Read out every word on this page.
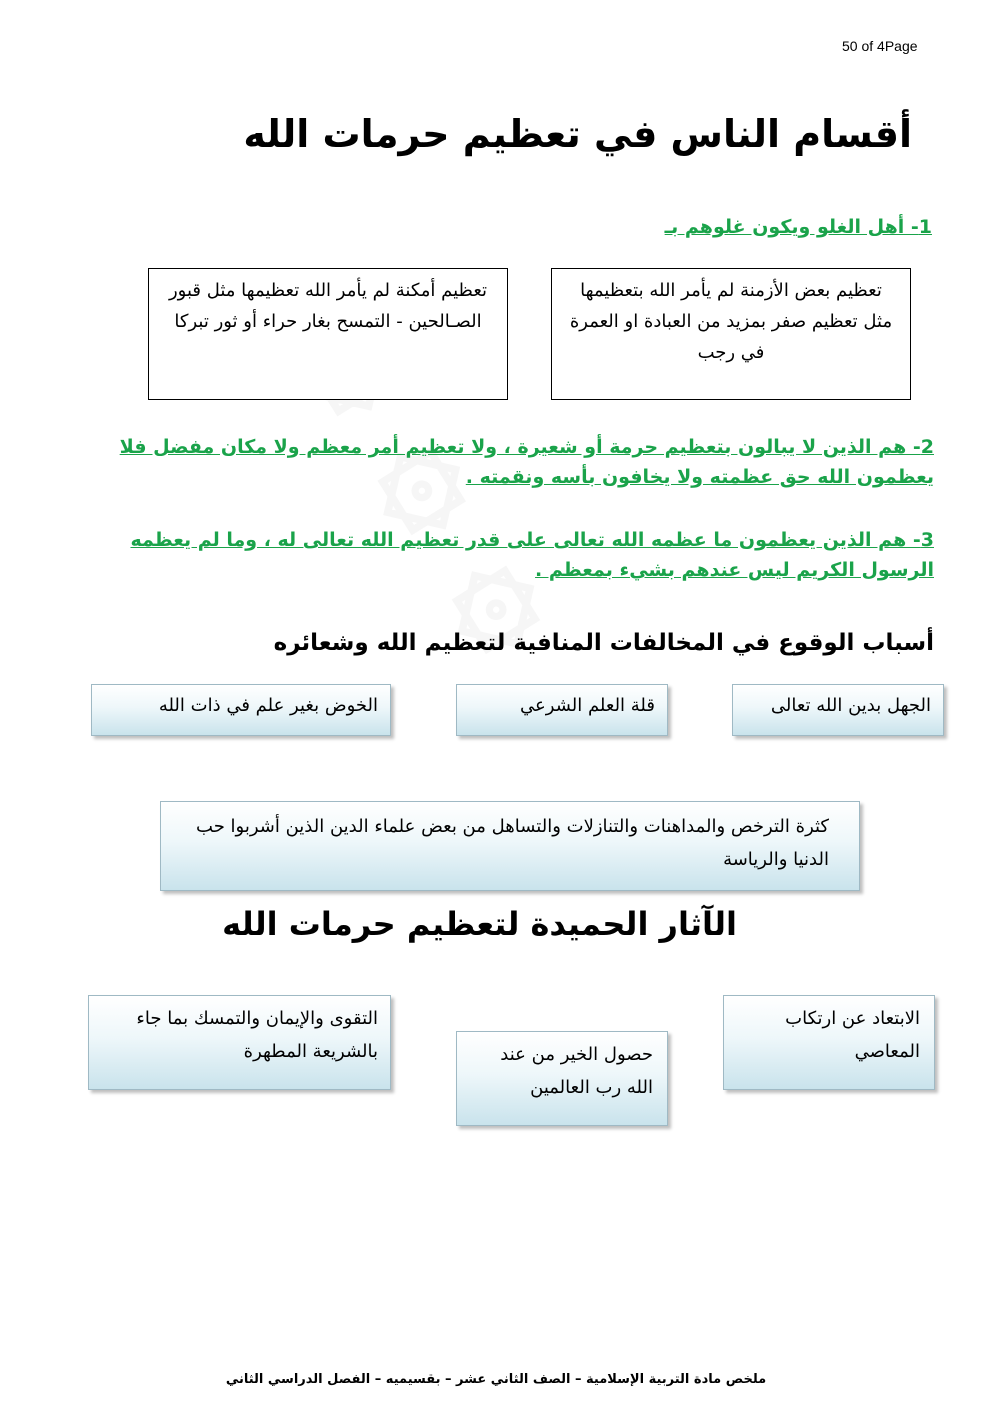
50 of 4Page
أقسام الناس في تعظيم حرمات الله
1- أهل الغلو ويكون غلوهم بـ
تعظيم بعض الأزمنة لم يأمر الله بتعظيمها مثل تعظيم صفر بمزيد من العبادة او العمرة في رجب
تعظيم أمكنة لم يأمر الله تعظيمها مثل قبور الصـالحين - التمسح بغار حراء أو ثور تبركا
2- هم الذين لا يبالون بتعظيم حرمة أو شعيرة ، ولا تعظيم أمر معظم ولا مكان مفضل فلا يعظمون الله حق عظمته ولا يخافون بأسه ونقمته .
3- هم الذين يعظمون ما عظمه الله تعالى على قدر تعظيم الله تعالى له ، وما لم يعظمه الرسول الكريم ليس عندهم بشيء بمعظم .
أسباب الوقوع في المخالفات المنافية لتعظيم الله وشعائره
الجهل بدين الله تعالى
قلة العلم الشرعي
الخوض بغير علم في ذات الله
كثرة الترخص والمداهنات والتنازلات والتساهل من بعض علماء الدين الذين أشربوا حب الدنيا والرياسة
الآثار الحميدة لتعظيم حرمات الله
الابتعاد عن ارتكاب المعاصي
حصول الخير من عند الله رب العالمين
التقوى والإيمان والتمسك بما جاء بالشريعة المطهرة
ملخص مادة التربية الإسلامية – الصف الثاني عشر – بقسيميه – الفصل الدراسي الثاني
